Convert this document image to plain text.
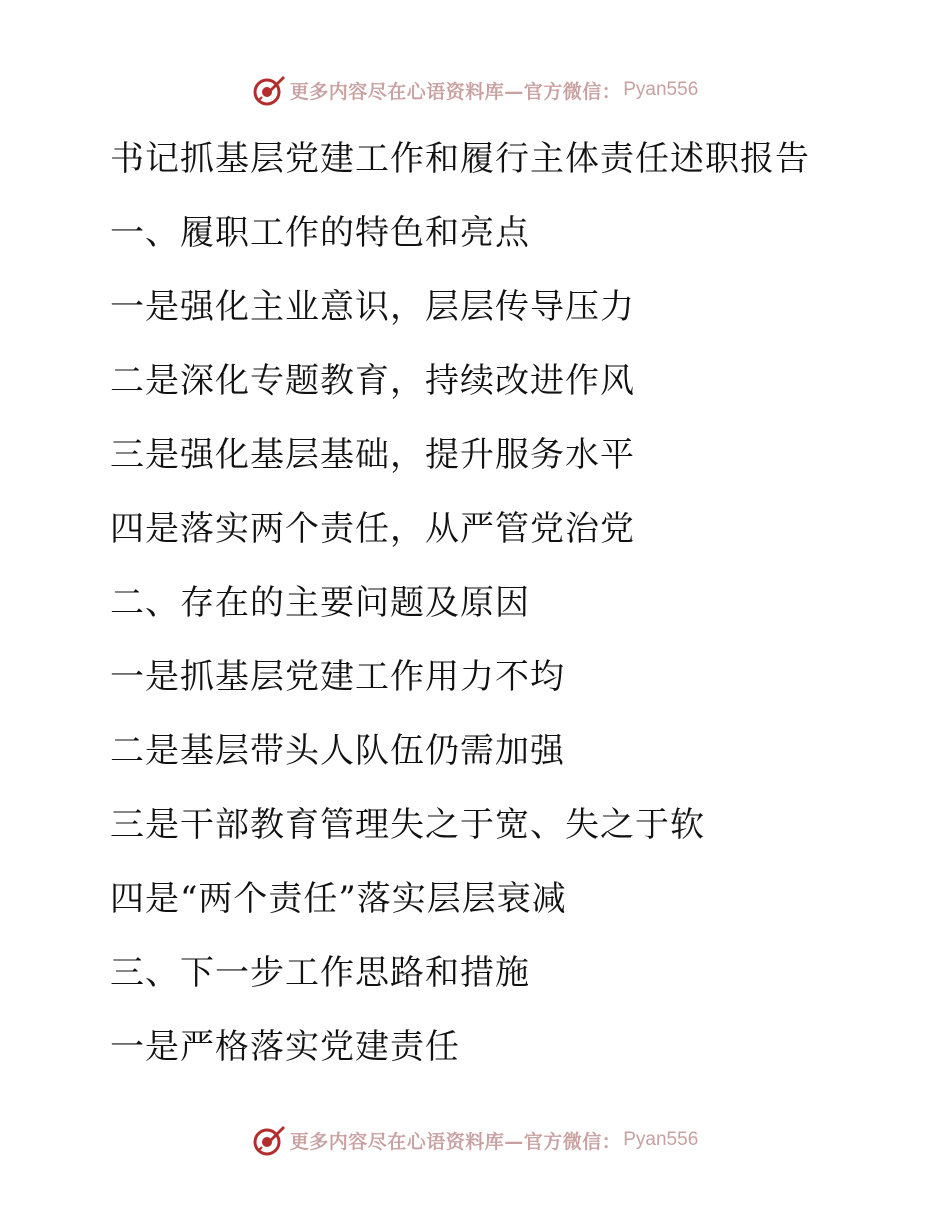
更多内容尽在心语资料库—官方微信： Pyan556
书记抓基层党建工作和履行主体责任述职报告
一、履职工作的特色和亮点
一是强化主业意识，层层传导压力
二是深化专题教育，持续改进作风
三是强化基层基础，提升服务水平
四是落实两个责任，从严管党治党
二、存在的主要问题及原因
一是抓基层党建工作用力不均
二是基层带头人队伍仍需加强
三是干部教育管理失之于宽、失之于软
四是“两个责任”落实层层衰减
三、下一步工作思路和措施
一是严格落实党建责任
更多内容尽在心语资料库—官方微信： Pyan556
